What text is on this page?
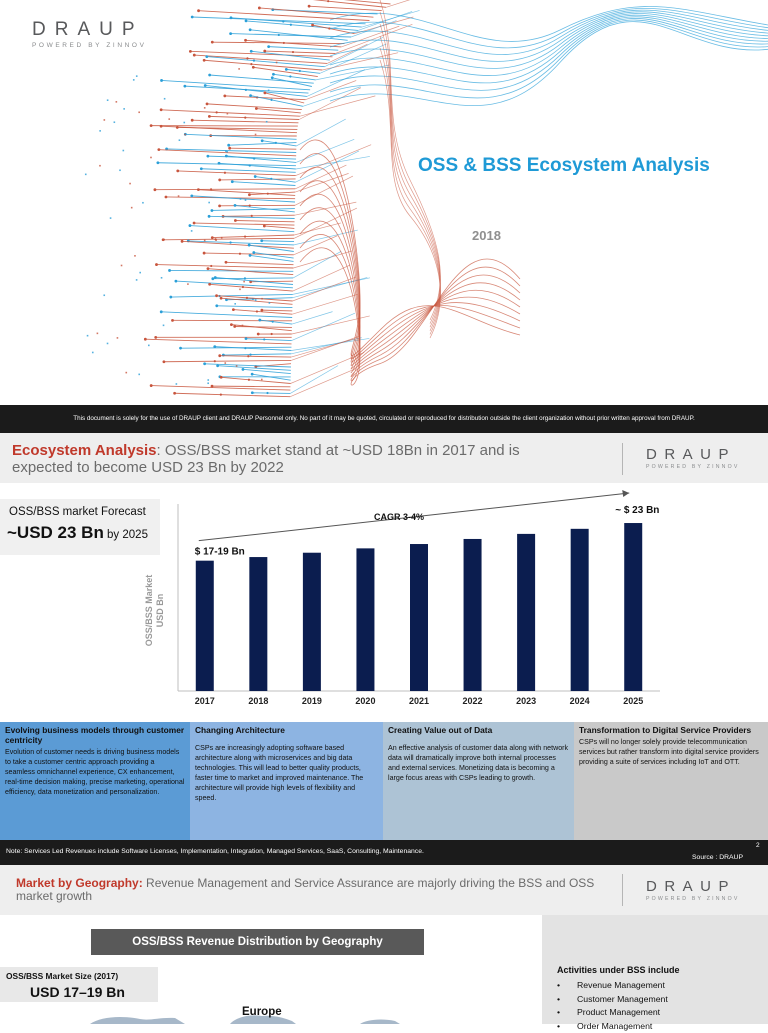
DRAUP
POWERED BY ZINNOV
OSS & BSS Ecosystem Analysis
2018
This document is solely for the use of DRAUP client and DRAUP Personnel only. No part of it may be quoted, circulated or reproduced for distribution outside the client organization without prior written approval from DRAUP.
Ecosystem Analysis: OSS/BSS market stand at ~USD 18Bn in 2017 and is expected to become USD 23 Bn by 2022
DRAUP
POWERED BY ZINNOV
OSS/BSS market Forecast
~USD 23 Bn by 2025
OSS/BSS MarketUSD Bn
2017	2018	2019	2020	2021	2022	2023	2024	2025
$ 17-19 Bn
~ $ 23 Bn
CAGR 3-4%
Evolving business models through customer centricity
Evolution of customer needs is driving business models to take a customer centric approach providing a seamless omnichannel experience, CX enhancement, real-time decision making, precise marketing, operational efficiency, data monetization and personalization.
Changing Architecture
CSPs are increasingly adopting software based architecture along with microservices and big data technologies. This will lead to better quality products, faster time to market and improved maintenance. The architecture will provide high levels of flexibility and speed.
Creating Value out of Data
An effective analysis of customer data along with network data will dramatically improve both internal processes and external services. Monetizing data is becoming a large focus areas with CSPs leading to growth.
Transformation to Digital Service Providers
CSPs will no longer solely provide telecommunication services but rather transform into digital service providers providing a suite of services including IoT and OTT.
Note: Services Led Revenues include Software Licenses, Implementation, Integration, Managed Services, SaaS, Consulting, Maintenance.
Source : DRAUP
2
Market by Geography: Revenue Management and Service Assurance are majorly driving the BSS and OSS market growth
DRAUP
POWERED BY ZINNOV
OSS/BSS Revenue Distribution by Geography
OSS/BSS Market Size (2017)
USD 17–19 Bn
Europe
Activities under BSS include
• Revenue Management
• Customer Management
• Product Management
• Order Management
